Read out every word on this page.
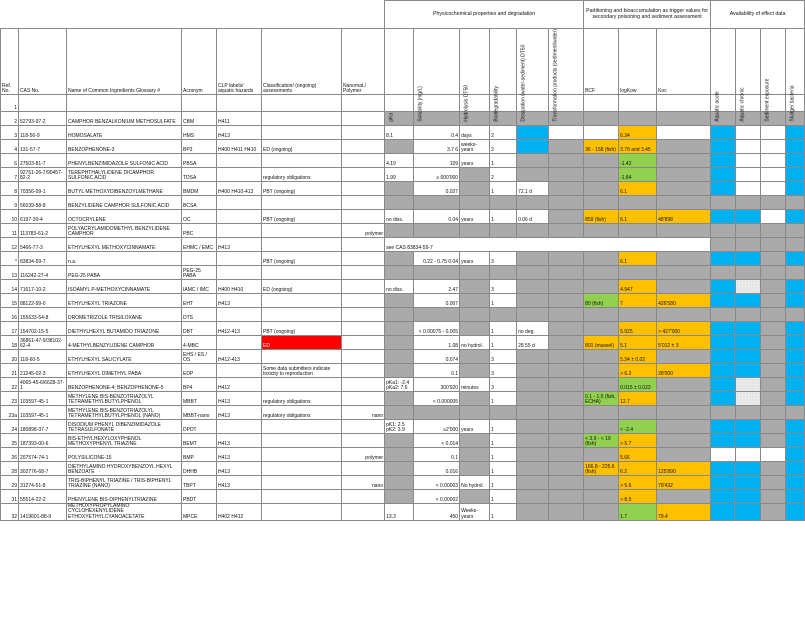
							Physicochemical properties and degradation						Partitioning and bioaccumulation as trigger values for secondary poisoning and sediment assessment			Availability of effect data			
Ref. No.	CAS No.	Name of Common Ingredients Glossary #	Acronym	CLP labels/ aquatic hazards	Classification/ (ongoing) assessments	Nanomat./ Polymer	pKa	Solubility [mg/L]	Hydrolysis DT50	Biodegradability	Dissipation (water-sediment) DT50	Transformation products (sediment/water)	BCF	logKow	Koc	Aquatic acute	Aquatic chronic	Sediment exposure	Sludge/ bacteria

1																			
2	52793-97-2	CAMPHOR BENZALKONIUM METHOSULFATE	CBM	H411															
3	118-56-9	HOMOSALATE	HMS	H413			8.1	0.4	days	2				6.34					
4	131-57-7	BENZOPHENONE-3	BP3	H400 H411 H410	ED (ongoing)			3.7 6	weeks-years	2			36 - 158 (fish)	3.79 and 3.45					
6	27503-81-7	PHENYLBENZIMIDAZOLE SULFONIC ACID	PBSA				4.19	109	years	1				-1.42					
7	92761-26-7/90457-82-2	TEREPHTHALYLIDENE DICAMPHOR SULFONIC ACID	TDSA		regulatory obligations		1.99	≥ 600'000		2				-1.84					
8	70356-09-1	BUTYL METHOXYDIBENZOYLMETHANE	BMDM	H400 H410-413	PBT (ongoing)			0.027		1	72.1 d			6.1					
9	56039-58-8	BENZYLIDENE CAMPHOR SULFONIC ACID	BCSA																
10	6197-30-4	OCTOCRYLENE	OC		PBT (ongoing)		no diss.	0.04	years	1	0.06 d		859 (fish)	6.1	48'898				
11	113783-61-2	POLYACRYLAMIDOMETHYL BENZYLIDENE CAMPHOR	PBC			polymer													
12	5466-77-3	ETHYLHEXYL METHOXYCINNAMATE	EHMC / EMC	H413			see CAS 83834-59-7												
*	83834-59-7	n.a.			PBT (ongoing)			0.22 - 0.75 0.04	years	3				6.1					
13	116242-27-4	PEG-25 PABA	PEG-25 PABA																
14	71617-10-2	ISOAMYL P-METHOXYCINNAMATE	IAMC / IMC	H400 H410	ED (ongoing)		no diss.	2.47		3				4.947					
15	88122-99-0	ETHYLHEXYL TRIAZONE	EHT	H413				0.007		1			80 (fish)	7	426'580				
16	155633-54-8	DROMETRIZOLE TRISILOXANE	DTS																
17	154702-15-5	DIETHYLHEXYL BUTAMIDO TRIAZONE	DBT	H412-413	PBT (ongoing)			< 0.00075 - 0.005		1	no deg.			5.925	> 427'000				
18	36861-47-9/38102-62-4	4-METHYLBENZYLIDENE CAMPHOR	4-MBC		ED			1.08	no hydrol.	1	28.55 d		801 (mussel)	5.1	5'012 ± 3				
20	118-60-5	ETHYLHEXYL SALICYLATE	EHS / ES / OS	H412-413				0.074		3				5.34 ± 0.02					
21	21245-02-3	ETHYLHEXYL DIMETHYL PABA	EDP		Some data submitters indicate toxicity to reproduction			0.1		3				> 6.2	28'000				
22	4065-45-6/6628-37-1	BENZOPHENONE-4; BENZOPHENONE-5	BP4	H412			pKa1: -2.4 pKa2: 7.6	300'920	minutes	3				0.015 ± 0.023					
23	103597-45-1	METHYLENE BIS-BENZOTRIAZOLYL TETRAMETHYLBUTYLPHENOL	MBBT	H413	regulatory obligations			< 0.000005		1			0.1 - 1.5 (fish, ECHA)	12.7					
23a	103597-45-1	METHYLENE BIS-BENZOTRIAZOLYL TETRAMETHYLBUTYLPHENOL (NANO)	MBBT-nano	H413	regulatory obligations	nano													
24	180898-37-7	DISODIUM PHENYL DIBENZIMIDAZOLE TETRASULFONATE	DPDT				pK1: 2.5 pK2: 3.9	≥2'000	years	1				< -2.4					
25	187393-00-6	BIS-ETHYLHEXYLOXYPHENOL METHOXYPHENYL TRIAZINE	BEMT	H413				< 0.014		1			< 3.9 - < 19 (fish)	> 5.7					
26	207574-74-1	POLYSILICONE-15	BMP	H413		polymer		0.1		1				5.66					
28	302776-68-7	DIETHYLAMINO HYDROXYBENZOYL HEXYL BENZOATE	DHHB	H413				0.016		1			166.8 - 225.6 (fish)	6.2	125'890				
29	31274-51-8	TRIS-BIPHENYL TRIAZINE / TRIS-BIPHENYL TRIAZINE (NANO)	TBPT	H413		nano		< 0.00003	No hydrol.	1				> 5.6	79'432				
31	55514-22-2	PHENYLENE BIS-DIPHENYLTRIAZINE	PBDT					< 0.00002		1				> 8.5					
32	1419601-88-9	METHOXYPROPYLAMINO CYCLOHEXENYLIDENE ETHOXYETHYLCYANOACETATE	MPCE	H402 H412			13.3	450	Weeks-years	1				1.7	79.4				
